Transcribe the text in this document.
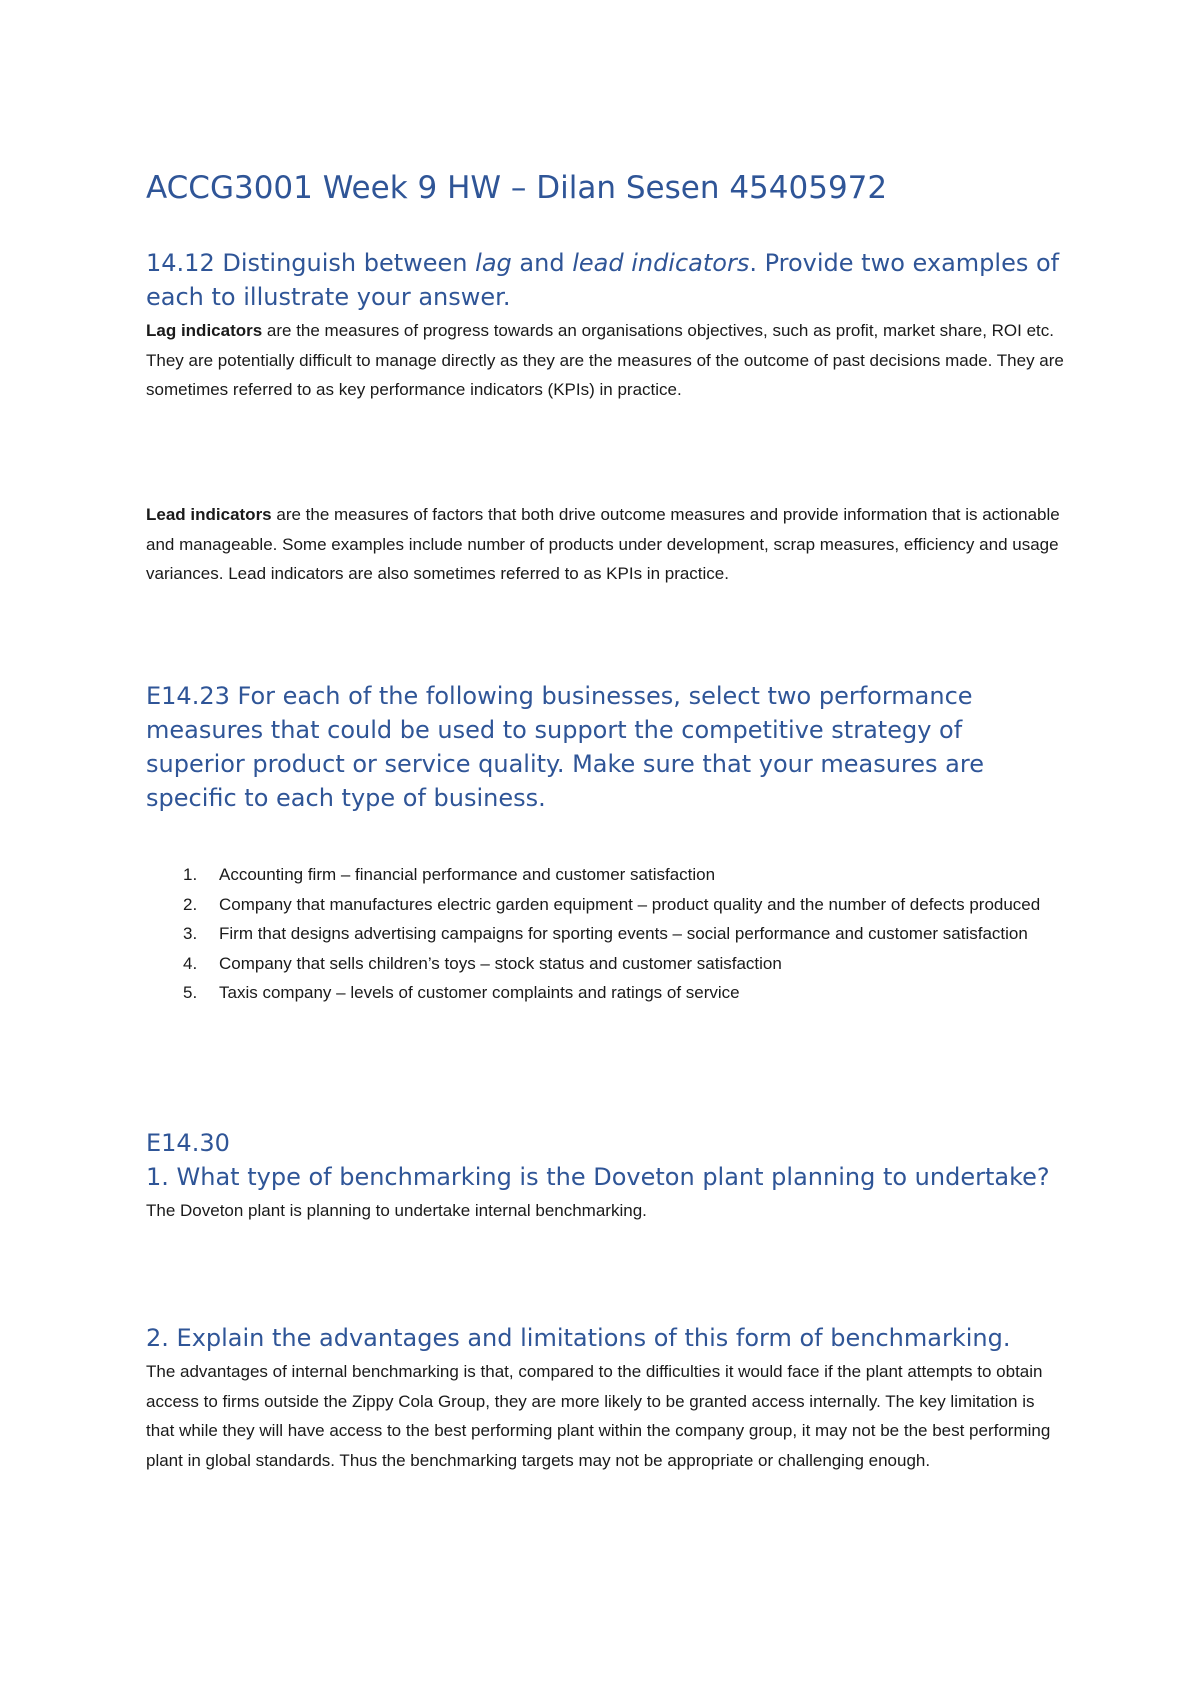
ACCG3001 Week 9 HW – Dilan Sesen 45405972
14.12 Distinguish between lag and lead indicators. Provide two examples of each to illustrate your answer.

Lag indicators are the measures of progress towards an organisations objectives, such as profit, market share, ROI etc. They are potentially difficult to manage directly as they are the measures of the outcome of past decisions made. They are sometimes referred to as key performance indicators (KPIs) in practice.

Lead indicators are the measures of factors that both drive outcome measures and provide information that is actionable and manageable. Some examples include number of products under development, scrap measures, efficiency and usage variances. Lead indicators are also sometimes referred to as KPIs in practice.

E14.23 For each of the following businesses, select two performance measures that could be used to support the competitive strategy of superior product or service quality. Make sure that your measures are specific to each type of business.
1. Accounting firm – financial performance and customer satisfaction
2. Company that manufactures electric garden equipment – product quality and the number of defects produced
3. Firm that designs advertising campaigns for sporting events – social performance and customer satisfaction
4. Company that sells children’s toys – stock status and customer satisfaction
5. Taxis company – levels of customer complaints and ratings of service
E14.30
1. What type of benchmarking is the Doveton plant planning to undertake?

The Doveton plant is planning to undertake internal benchmarking.

2. Explain the advantages and limitations of this form of benchmarking.

The advantages of internal benchmarking is that, compared to the difficulties it would face if the plant attempts to obtain access to firms outside the Zippy Cola Group, they are more likely to be granted access internally. The key limitation is that while they will have access to the best performing plant within the company group, it may not be the best performing plant in global standards. Thus the benchmarking targets may not be appropriate or challenging enough.
